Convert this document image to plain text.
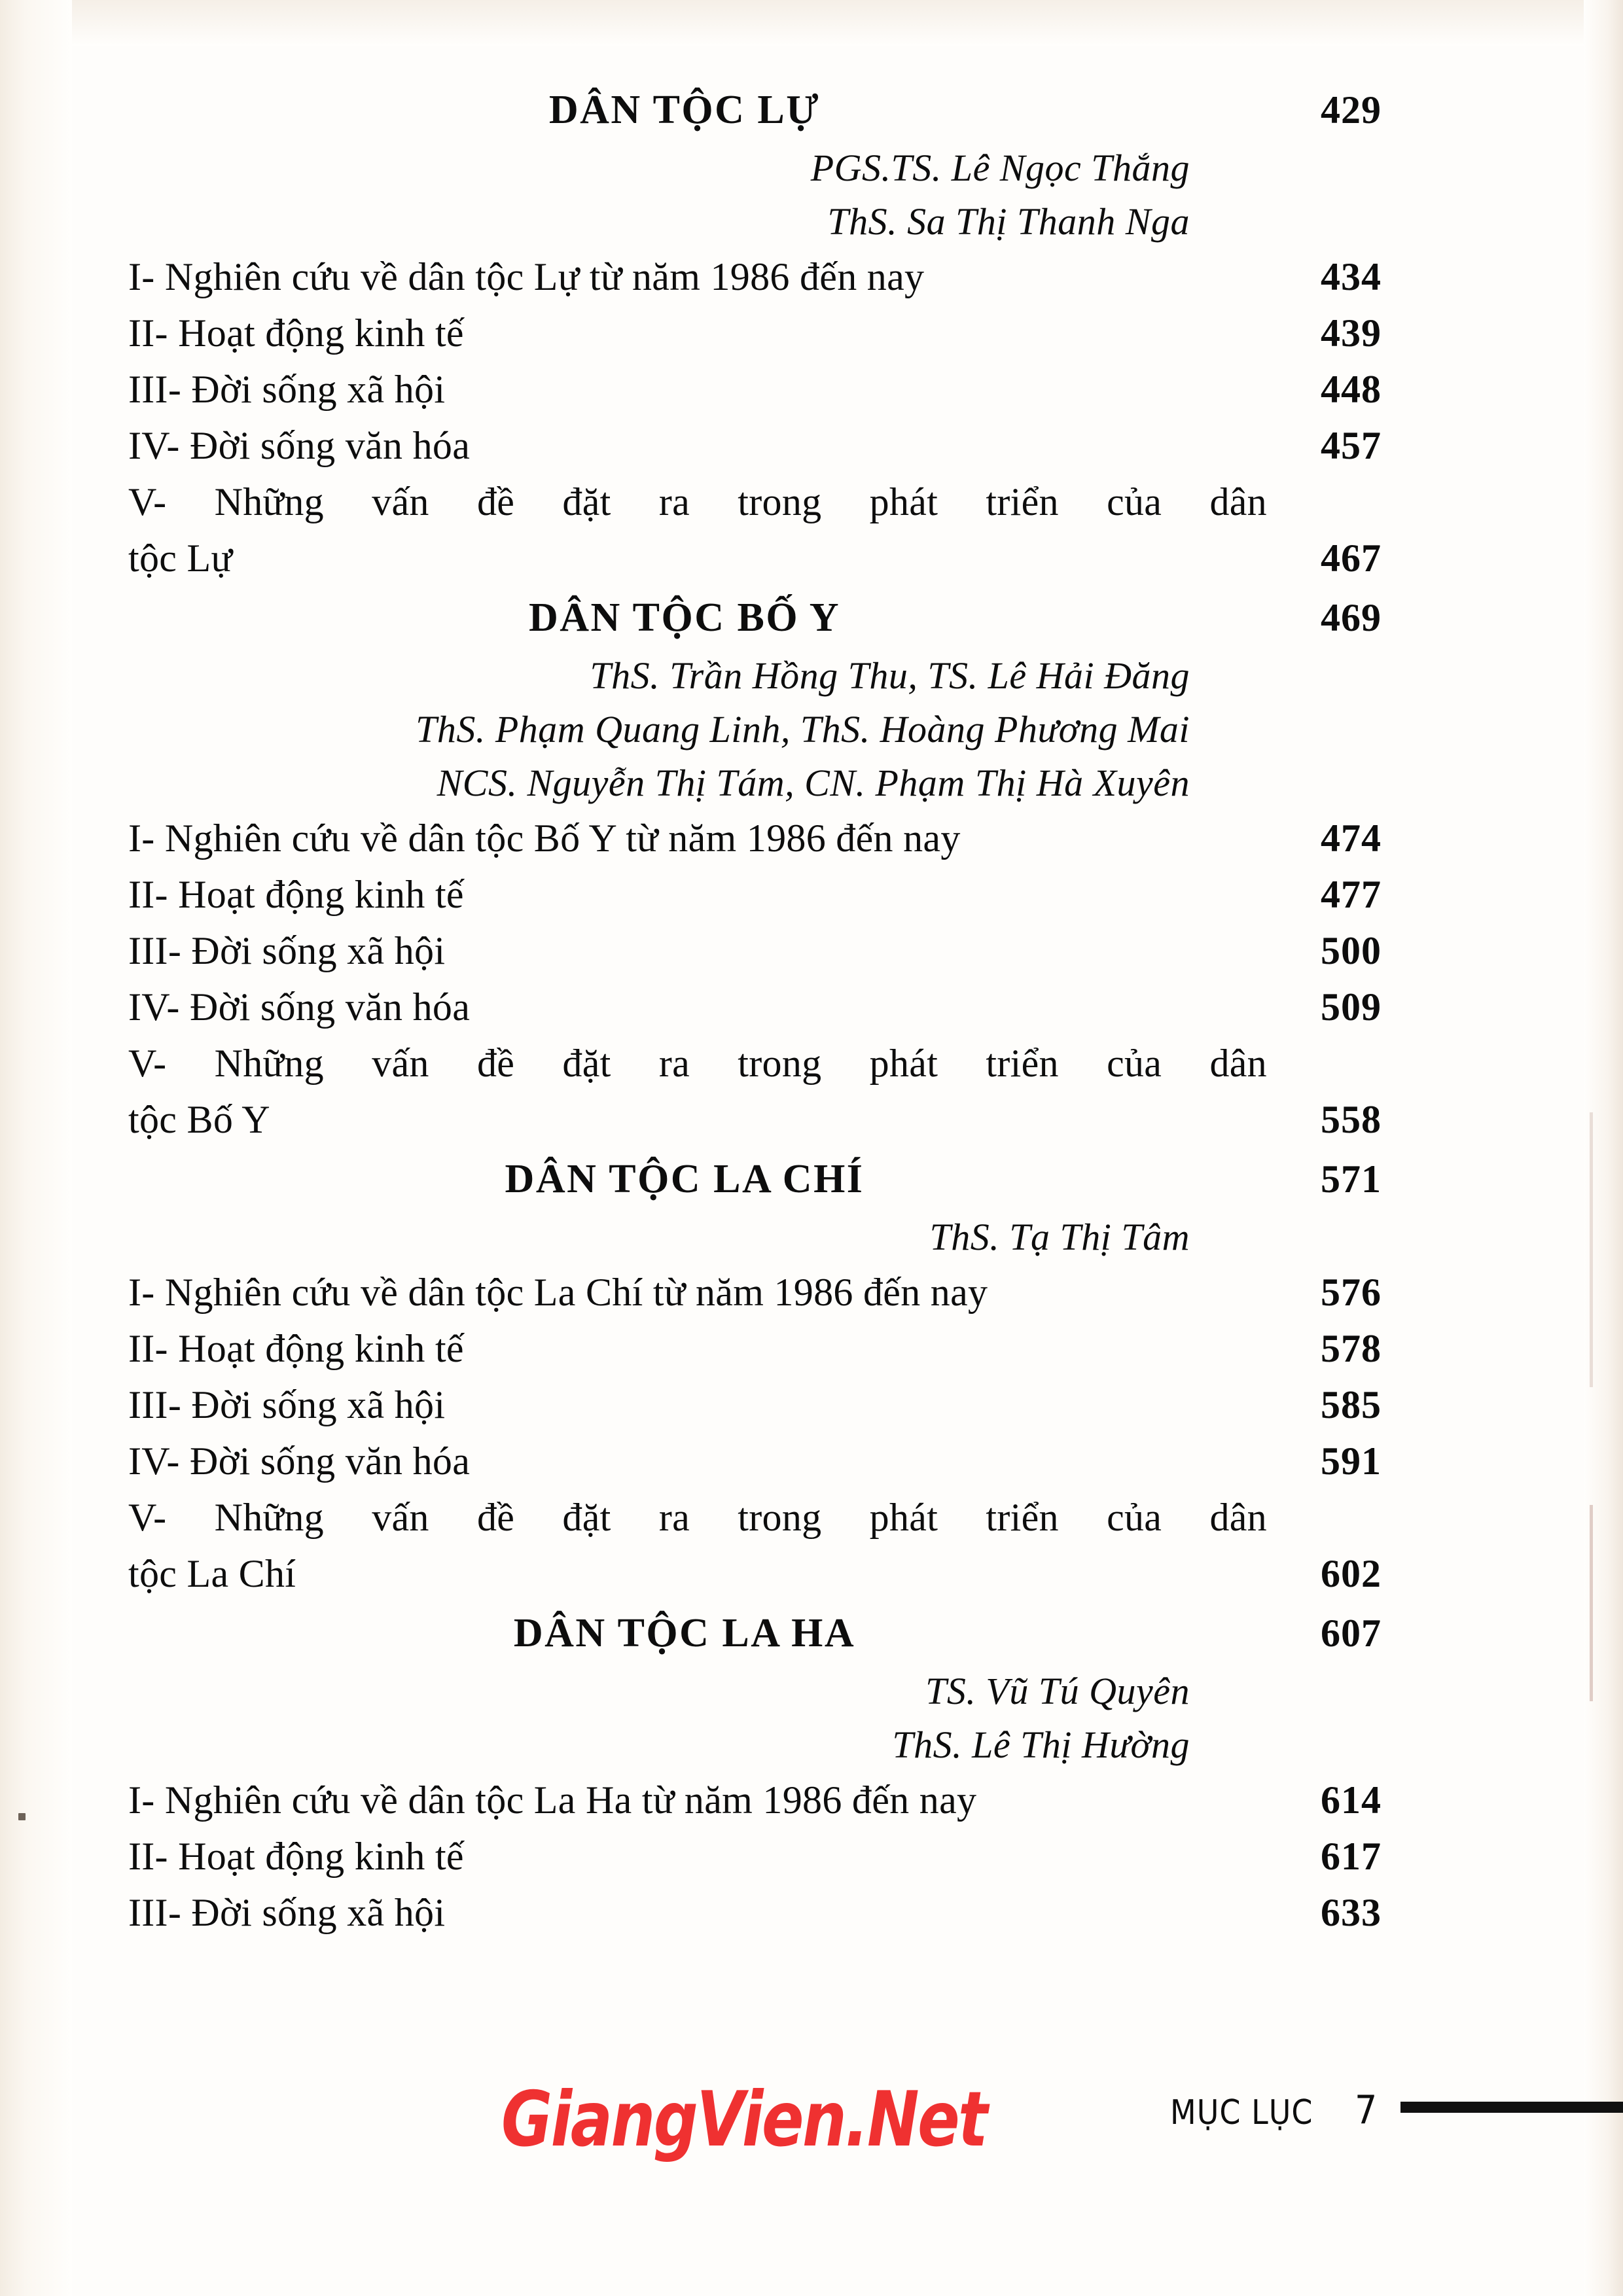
DÂN TỘC LỰ	429
PGS.TS. Lê Ngọc Thắng
ThS. Sa Thị Thanh Nga
I- Nghiên cứu về dân tộc Lự từ năm 1986 đến nay	434
II- Hoạt động kinh tế	439
III- Đời sống xã hội	448
IV- Đời sống văn hóa	457
V- Những vấn đề đặt ra trong phát triển của dân
tộc Lự	467
DÂN TỘC BỐ Y	469
ThS. Trần Hồng Thu, TS. Lê Hải Đăng
ThS. Phạm Quang Linh, ThS. Hoàng Phương Mai
NCS. Nguyễn Thị Tám, CN. Phạm Thị Hà Xuyên
I- Nghiên cứu về dân tộc Bố Y từ năm 1986 đến nay	474
II- Hoạt động kinh tế	477
III- Đời sống xã hội	500
IV- Đời sống văn hóa	509
V- Những vấn đề đặt ra trong phát triển của dân
tộc Bố Y	558
DÂN TỘC LA CHÍ	571
ThS. Tạ Thị Tâm
I- Nghiên cứu về dân tộc La Chí từ năm 1986 đến nay	576
II- Hoạt động kinh tế	578
III- Đời sống xã hội	585
IV- Đời sống văn hóa	591
V- Những vấn đề đặt ra trong phát triển của dân
tộc La Chí	602
DÂN TỘC LA HA	607
TS. Vũ Tú Quyên
ThS. Lê Thị Hường
I- Nghiên cứu về dân tộc La Ha từ năm 1986 đến nay	614
II- Hoạt động kinh tế	617
III- Đời sống xã hội	633
GiangVien.Net	MỤC LỤC 7
